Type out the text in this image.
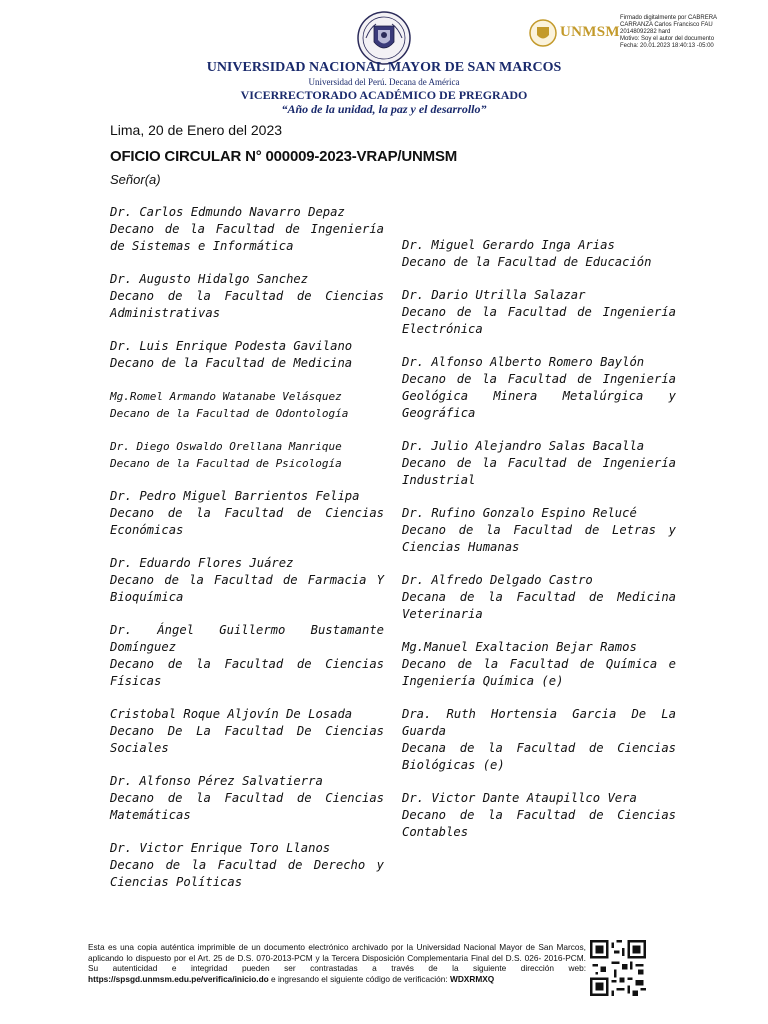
UNMSM
Firmado digitalmente por CABRERA
CARRANZA Carlos Francisco FAU
20148092282 hard
Motivo: Soy el autor del documento
Fecha: 20.01.2023 18:40:13 -05:00

UNIVERSIDAD NACIONAL MAYOR DE SAN MARCOS

Universidad del Perú. Decana de América

VICERRECTORADO ACADÉMICO DE PREGRADO

“Año de la unidad, la paz y el desarrollo”

Lima, 20 de Enero del 2023
OFICIO CIRCULAR N° 000009-2023-VRAP/UNMSM
Señor(a)
Dr. Carlos Edmundo Navarro Depaz
Decano de la Facultad de Ingeniería de Sistemas e Informática
Dr. Augusto Hidalgo Sanchez
Decano de la Facultad de Ciencias Administrativas
Dr. Luis Enrique Podesta Gavilano
Decano de la Facultad de Medicina
Mg.Romel Armando Watanabe Velásquez
Decano de la Facultad de Odontología
Dr. Diego Oswaldo Orellana Manrique
Decano de la Facultad de Psicología
Dr. Pedro Miguel Barrientos Felipa
Decano de la Facultad de Ciencias Económicas
Dr. Eduardo Flores Juárez
Decano de la Facultad de Farmacia Y Bioquímica
Dr. Ángel Guillermo Bustamante Domínguez
Decano de la Facultad de Ciencias Físicas
Cristobal Roque Aljovín De Losada
Decano De La Facultad De Ciencias Sociales
Dr. Alfonso Pérez Salvatierra
Decano de la Facultad de Ciencias Matemáticas
Dr. Victor Enrique Toro Llanos
Decano de la Facultad de Derecho y Ciencias Políticas
Dr. Miguel Gerardo Inga Arias
Decano de la Facultad de Educación
Dr. Dario Utrilla Salazar
Decano de la Facultad de Ingeniería Electrónica
Dr. Alfonso Alberto Romero Baylón
Decano de la Facultad de Ingeniería Geológica Minera Metalúrgica y Geográfica
Dr. Julio Alejandro Salas Bacalla
Decano de la Facultad de Ingeniería Industrial
Dr. Rufino Gonzalo Espino Relucé
Decano de la Facultad de Letras y Ciencias Humanas
Dr. Alfredo Delgado Castro
Decana de la Facultad de Medicina Veterinaria
Mg.Manuel Exaltacion Bejar Ramos
Decano de la Facultad de Química e Ingeniería Química (e)
Dra. Ruth Hortensia Garcia De La Guarda
Decana de la Facultad de Ciencias Biológicas (e)
Dr. Victor Dante Ataupillco Vera
Decano de la Facultad de Ciencias Contables
Esta es una copia auténtica imprimible de un documento electrónico archivado por la Universidad Nacional Mayor de San Marcos, aplicando lo dispuesto por el Art. 25 de D.S. 070-2013-PCM y la Tercera Disposición Complementaria Final del D.S. 026- 2016-PCM. Su autenticidad e integridad pueden ser contrastadas a través de la siguiente dirección web: https://spsgd.unmsm.edu.pe/verifica/inicio.do e ingresando el siguiente código de verificación: WDXRMXQ
